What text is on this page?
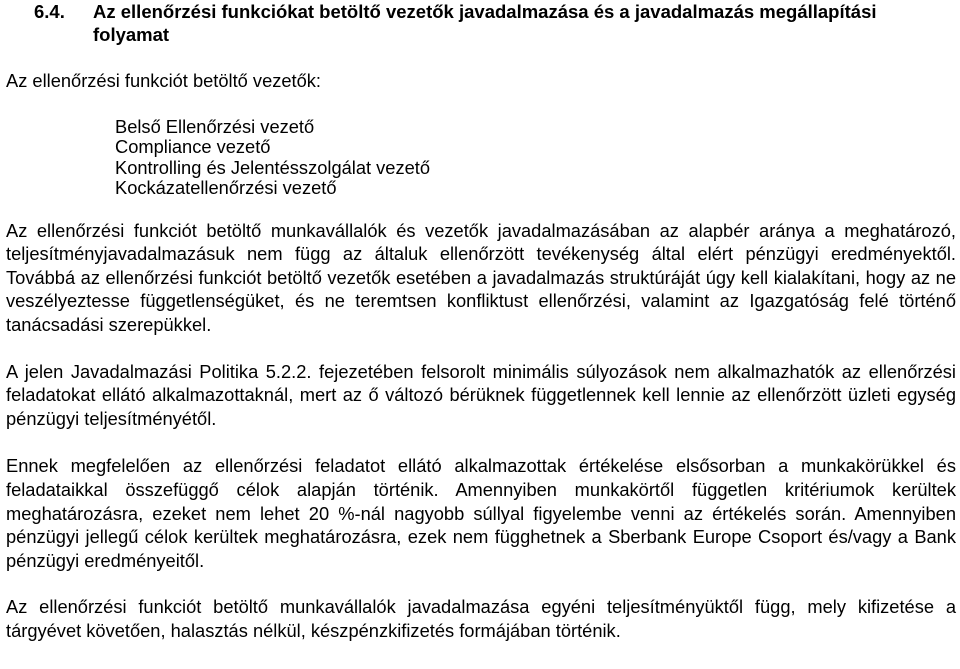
6.4.	Az ellenőrzési funkciókat betöltő vezetők javadalmazása és a javadalmazás megállapítási folyamat

Az ellenőrzési funkciót betöltő vezetők:

Belső Ellenőrzési vezető
Compliance vezető
Kontrolling és Jelentésszolgálat vezető
Kockázatellenőrzési vezető

Az ellenőrzési funkciót betöltő munkavállalók és vezetők javadalmazásában az alapbér aránya a meghatározó, teljesítményjavadalmazásuk nem függ az általuk ellenőrzött tevékenység által elért pénzügyi eredményektől. Továbbá az ellenőrzési funkciót betöltő vezetők esetében a javadalmazás struktúráját úgy kell kialakítani, hogy az ne veszélyeztesse függetlenségüket, és ne teremtsen konfliktust ellenőrzési, valamint az Igazgatóság felé történő tanácsadási szerepükkel.

A jelen Javadalmazási Politika 5.2.2. fejezetében felsorolt minimális súlyozások nem alkalmazhatók az ellenőrzési feladatokat ellátó alkalmazottaknál, mert az ő változó bérüknek függetlennek kell lennie az ellenőrzött üzleti egység pénzügyi teljesítményétől.

Ennek megfelelően az ellenőrzési feladatot ellátó alkalmazottak értékelése elsősorban a munkakörükkel és feladataikkal összefüggő célok alapján történik. Amennyiben munkakörtől független kritériumok kerültek meghatározásra, ezeket nem lehet 20 %-nál nagyobb súllyal figyelembe venni az értékelés során. Amennyiben pénzügyi jellegű célok kerültek meghatározásra, ezek nem függhetnek a Sberbank Europe Csoport és/vagy a Bank pénzügyi eredményeitől.

Az ellenőrzési funkciót betöltő munkavállalók javadalmazása egyéni teljesítményüktől függ, mely kifizetése a tárgyévet követően, halasztás nélkül, készpénzkifizetés formájában történik.
